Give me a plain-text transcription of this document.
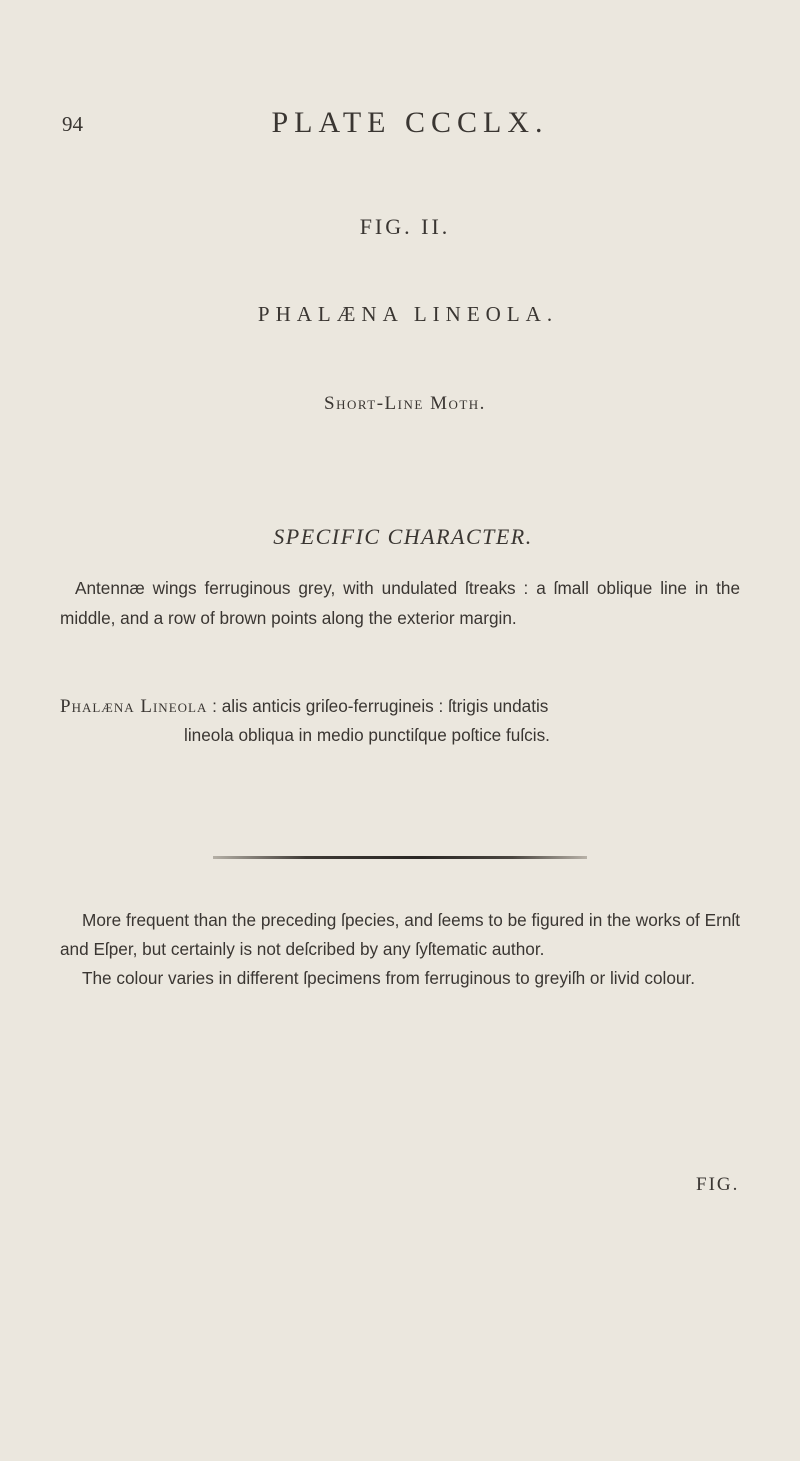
94	PLATE CCCLX.
FIG. II.
PHALÆNA LINEOLA.
Short-Line Moth.
SPECIFIC CHARACTER.
Antennæ wings ferruginous grey, with undulated ſtreaks : a ſmall oblique line in the middle, and a row of brown points along the exterior margin.
Phalæna Lineola : alis anticis griſeo-ferrugineis : ſtrigis undatis
lineola obliqua in medio punctiſque poſtice fuſcis.

More frequent than the preceding ſpecies, and ſeems to be figured in the works of Ernſt and Eſper, but certainly is not deſcribed by any ſyſtematic author.

The colour varies in different ſpecimens from ferruginous to greyiſh or livid colour.

FIG.
